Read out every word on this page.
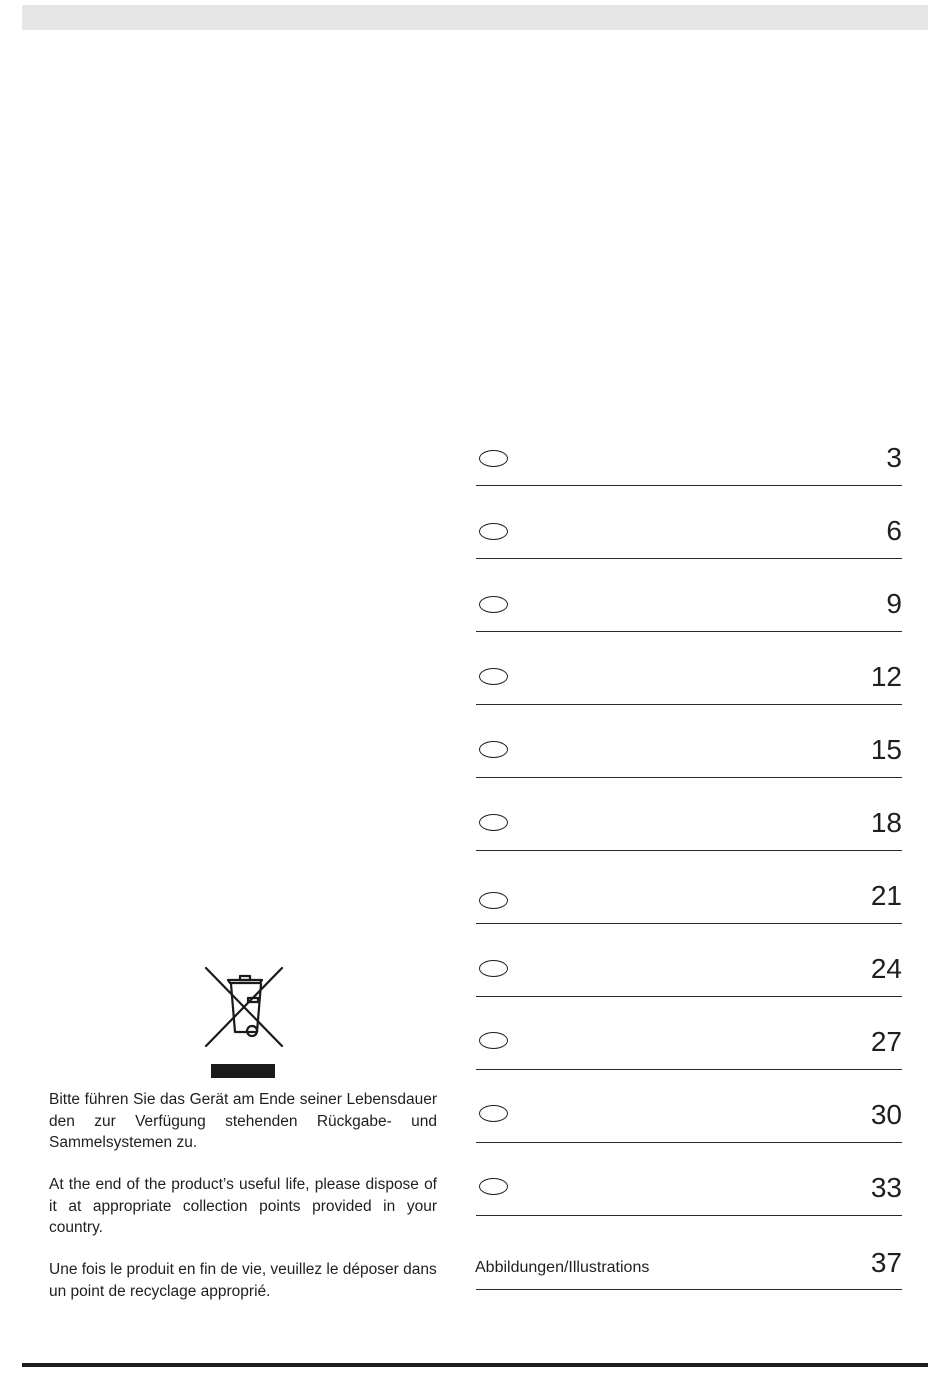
3
6
9
12
15
18
21
24
27
30
33
Abbildungen/Illustrations	37

Bitte führen Sie das Gerät am Ende seiner Lebensdauer den zur Verfügung stehenden Rückgabe- und Sammelsystemen zu.

At the end of the product’s useful life, please dispose of it at appropriate collection points provided in your country.

Une fois le produit en fin de vie, veuillez le déposer dans un point de recyclage approprié.
